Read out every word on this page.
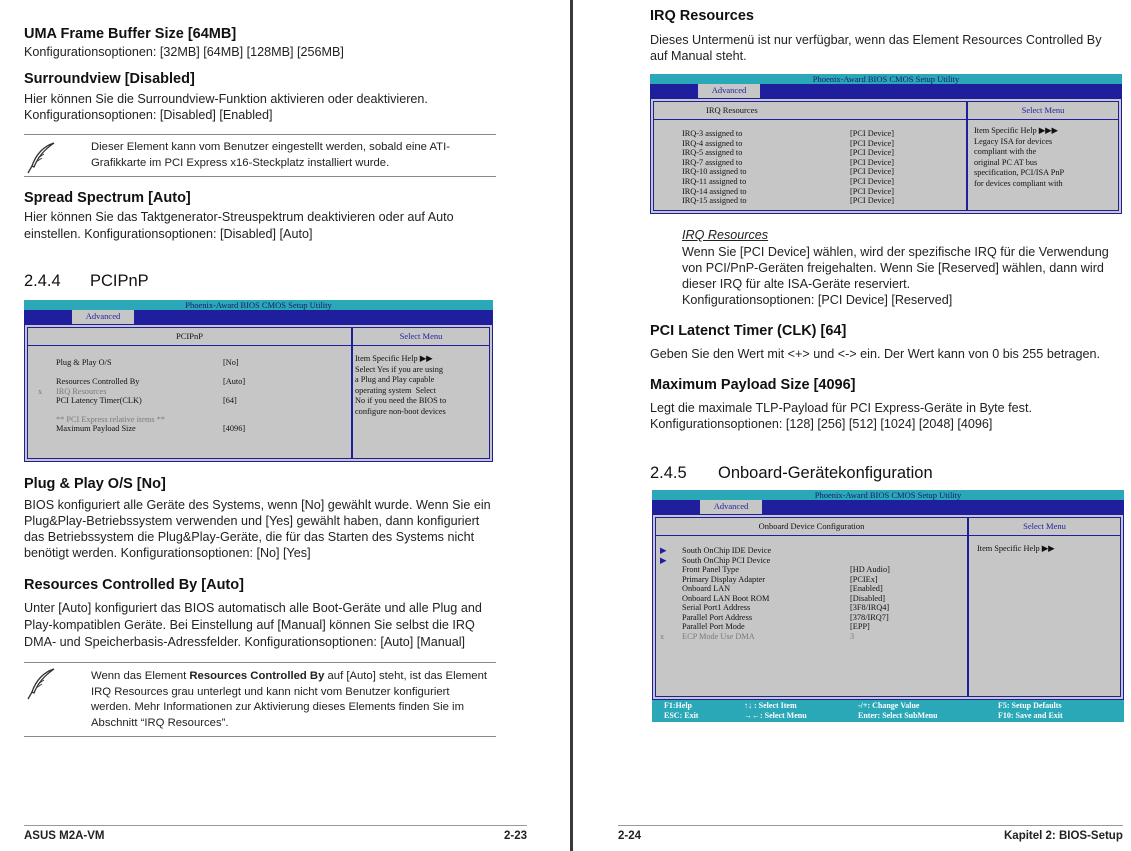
UMA Frame Buffer Size [64MB]

Konfigurationsoptionen: [32MB] [64MB] [128MB] [256MB]

Surroundview [Disabled]

Hier können Sie die Surroundview-Funktion aktivieren oder deaktivieren.

Konfigurationsoptionen: [Disabled] [Enabled]

Dieser Element kann vom Benutzer eingestellt werden, sobald eine ATI-
Grafikkarte im PCI Express x16-Steckplatz installiert wurde.
Spread Spectrum [Auto]

Hier können Sie das Taktgenerator-Streuspektrum deaktivieren oder auf Auto

einstellen. Konfigurationsoptionen: [Disabled] [Auto]

2.4.4 PCIPnP
Phoenix-Award BIOS CMOS Setup Utility
Advanced
PCIPnP
Plug & Play O/S	[No]
Resources Controlled By	[Auto]
x IRQ Resources
PCI Latency Timer(CLK)	[64]
** PCI Express relative items **
Maximum Payload Size	[4096]
Select Menu
Item Specific Help ▶▶
Select Yes if you are using
a Plug and Play capable
operating system  Select
No if you need the BIOS to
configure non-boot devices
Plug & Play O/S [No]

BIOS konfiguriert alle Geräte des Systems, wenn [No] gewählt wurde. Wenn Sie ein

Plug&Play-Betriebssystem verwenden und [Yes] gewählt haben, dann konfiguriert

das Betriebssystem die Plug&Play-Geräte, die für das Starten des Systems nicht

benötigt werden. Konfigurationsoptionen: [No] [Yes]

Resources Controlled By [Auto]

Unter [Auto] konfiguriert das BIOS automatisch alle Boot-Geräte und alle Plug and

Play-kompatiblen Geräte. Bei Einstellung auf [Manual] können Sie selbst die IRQ

DMA- und Speicherbasis-Adressfelder. Konfigurationsoptionen: [Auto] [Manual]

Wenn das Element Resources Controlled By auf [Auto] steht, ist das Element
IRQ Resources grau unterlegt und kann nicht vom Benutzer konfiguriert
werden. Mehr Informationen zur Aktivierung dieses Elements finden Sie im
Abschnitt “IRQ Resources”.
ASUS M2A-VM	2-23
IRQ Resources

Dieses Untermenü ist nur verfügbar, wenn das Element Resources Controlled By

auf Manual steht.

Phoenix-Award BIOS CMOS Setup Utility
Advanced
IRQ Resources
IRQ-3 assigned to	[PCI Device]
IRQ-4 assigned to	[PCI Device]
IRQ-5 assigned to	[PCI Device]
IRQ-7 assigned to	[PCI Device]
IRQ-10 assigned to	[PCI Device]
IRQ-11 assigned to	[PCI Device]
IRQ-14 assigned to	[PCI Device]
IRQ-15 assigned to	[PCI Device]
Select Menu
Item Specific Help ▶▶▶
Legacy ISA for devices
compliant with the
original PC AT bus
specification, PCI/ISA PnP
for devices compliant with
IRQ Resources

Wenn Sie [PCI Device] wählen, wird der spezifische IRQ für die Verwendung

von PCI/PnP-Geräten freigehalten. Wenn Sie [Reserved] wählen, dann wird

dieser IRQ für alte ISA-Geräte reserviert.

Konfigurationsoptionen: [PCI Device] [Reserved]

PCI Latenct Timer (CLK) [64]

Geben Sie den Wert mit <+> und <-> ein. Der Wert kann von 0 bis 255 betragen.

Maximum Payload Size [4096]

Legt die maximale TLP-Payload für PCI Express-Geräte in Byte fest.

Konfigurationsoptionen: [128] [256] [512] [1024] [2048] [4096]

2.4.5 Onboard-Gerätekonfiguration
Phoenix-Award BIOS CMOS Setup Utility
Advanced
Onboard Device Configuration
▶ South OnChip IDE Device
▶ South OnChip PCI Device
Front Panel Type	[HD Audio]
Primary Display Adapter	[PCIEx]
Onboard LAN	[Enabled]
Onboard LAN Boot ROM	[Disabled]
Serial Port1 Address	[3F8/IRQ4]
Parallel Port Address	[378/IRQ7]
Parallel Port Mode	[EPP]
x ECP Mode Use DMA	3
Select Menu
Item Specific Help ▶▶
F1:Help	↑↓ : Select Item	-/+: Change Value	F5: Setup Defaults
ESC: Exit	→←: Select Menu	Enter: Select SubMenu	F10: Save and Exit
2-24	Kapitel 2: BIOS-Setup
